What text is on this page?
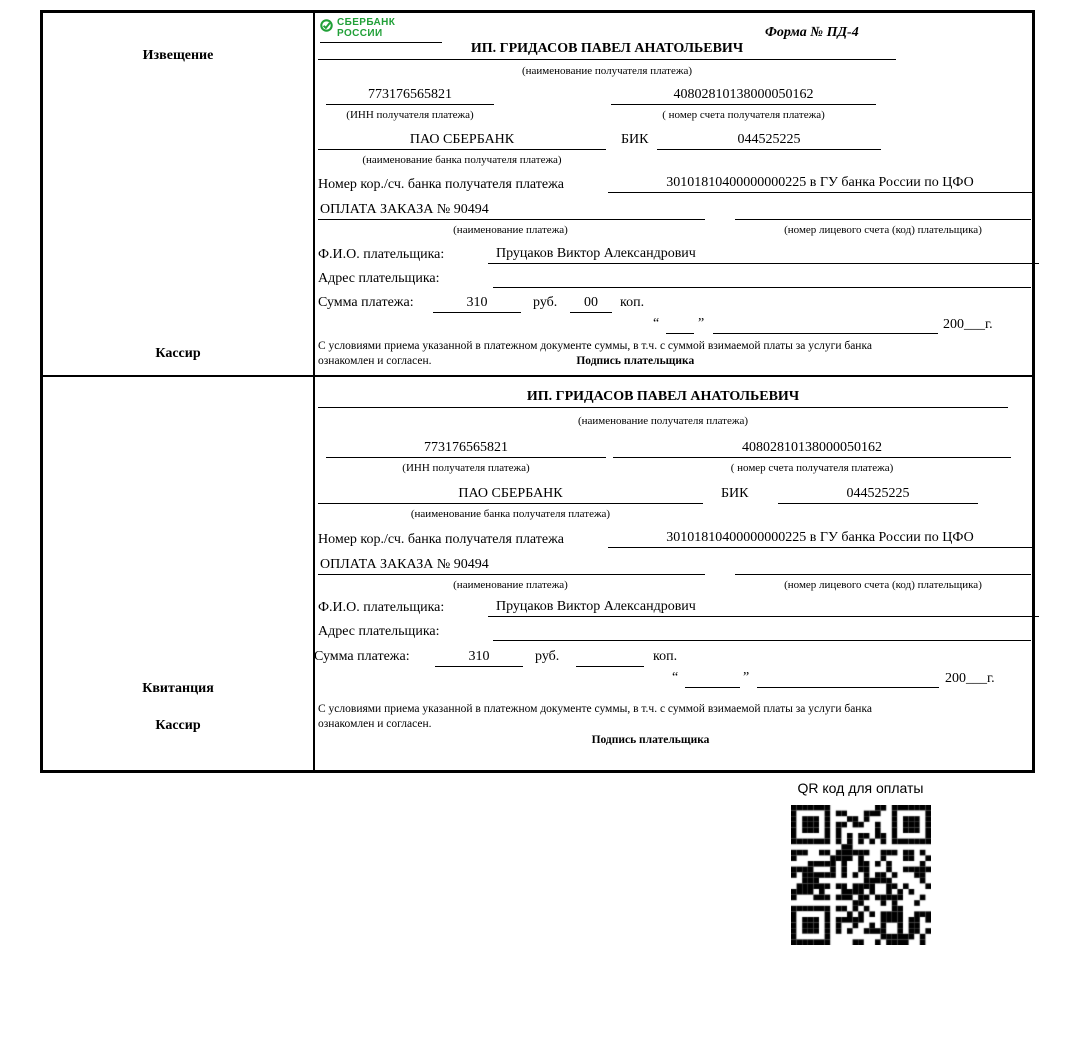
Извещение
Кассир
Квитанция
Кассир
СБЕРБАНК РОССИИ	Форма № ПД-4
ИП. ГРИДАСОВ ПАВЕЛ АНАТОЛЬЕВИЧ
(наименование получателя платежа)
773176565821	40802810138000050162
(ИНН получателя платежа)	( номер счета получателя платежа)
ПАО СБЕРБАНК	БИК	044525225
(наименование банка получателя платежа)
Номер кор./сч. банка получателя платежа	30101810400000000225 в ГУ банка России по ЦФО
ОПЛАТА ЗАКАЗА № 90494
(наименование платежа)	(номер лицевого счета (код) плательщика)
Ф.И.О. плательщика:	Пруцаков Виктор Александрович
Адрес плательщика:
Сумма платежа:	310	руб.	00	коп.
“	”	200___г.
С условиями приема указанной в платежном документе суммы, в т.ч. с суммой взимаемой платы за услуги банка
ознакомлен и согласен.	Подпись плательщика
ИП. ГРИДАСОВ ПАВЕЛ АНАТОЛЬЕВИЧ
(наименование получателя платежа)
773176565821	40802810138000050162
(ИНН получателя платежа)	( номер счета получателя платежа)
ПАО СБЕРБАНК	БИК	044525225
(наименование банка получателя платежа)
Номер кор./сч. банка получателя платежа	30101810400000000225 в ГУ банка России по ЦФО
ОПЛАТА ЗАКАЗА № 90494
(наименование платежа)	(номер лицевого счета (код) плательщика)
Ф.И.О. плательщика:	Пруцаков Виктор Александрович
Адрес плательщика:
Сумма платежа:	310	руб.	коп.
“	”	200___г.
С условиями приема указанной в платежном документе суммы, в т.ч. с суммой взимаемой платы за услуги банка
ознакомлен и согласен.
Подпись плательщика
QR код для оплаты
